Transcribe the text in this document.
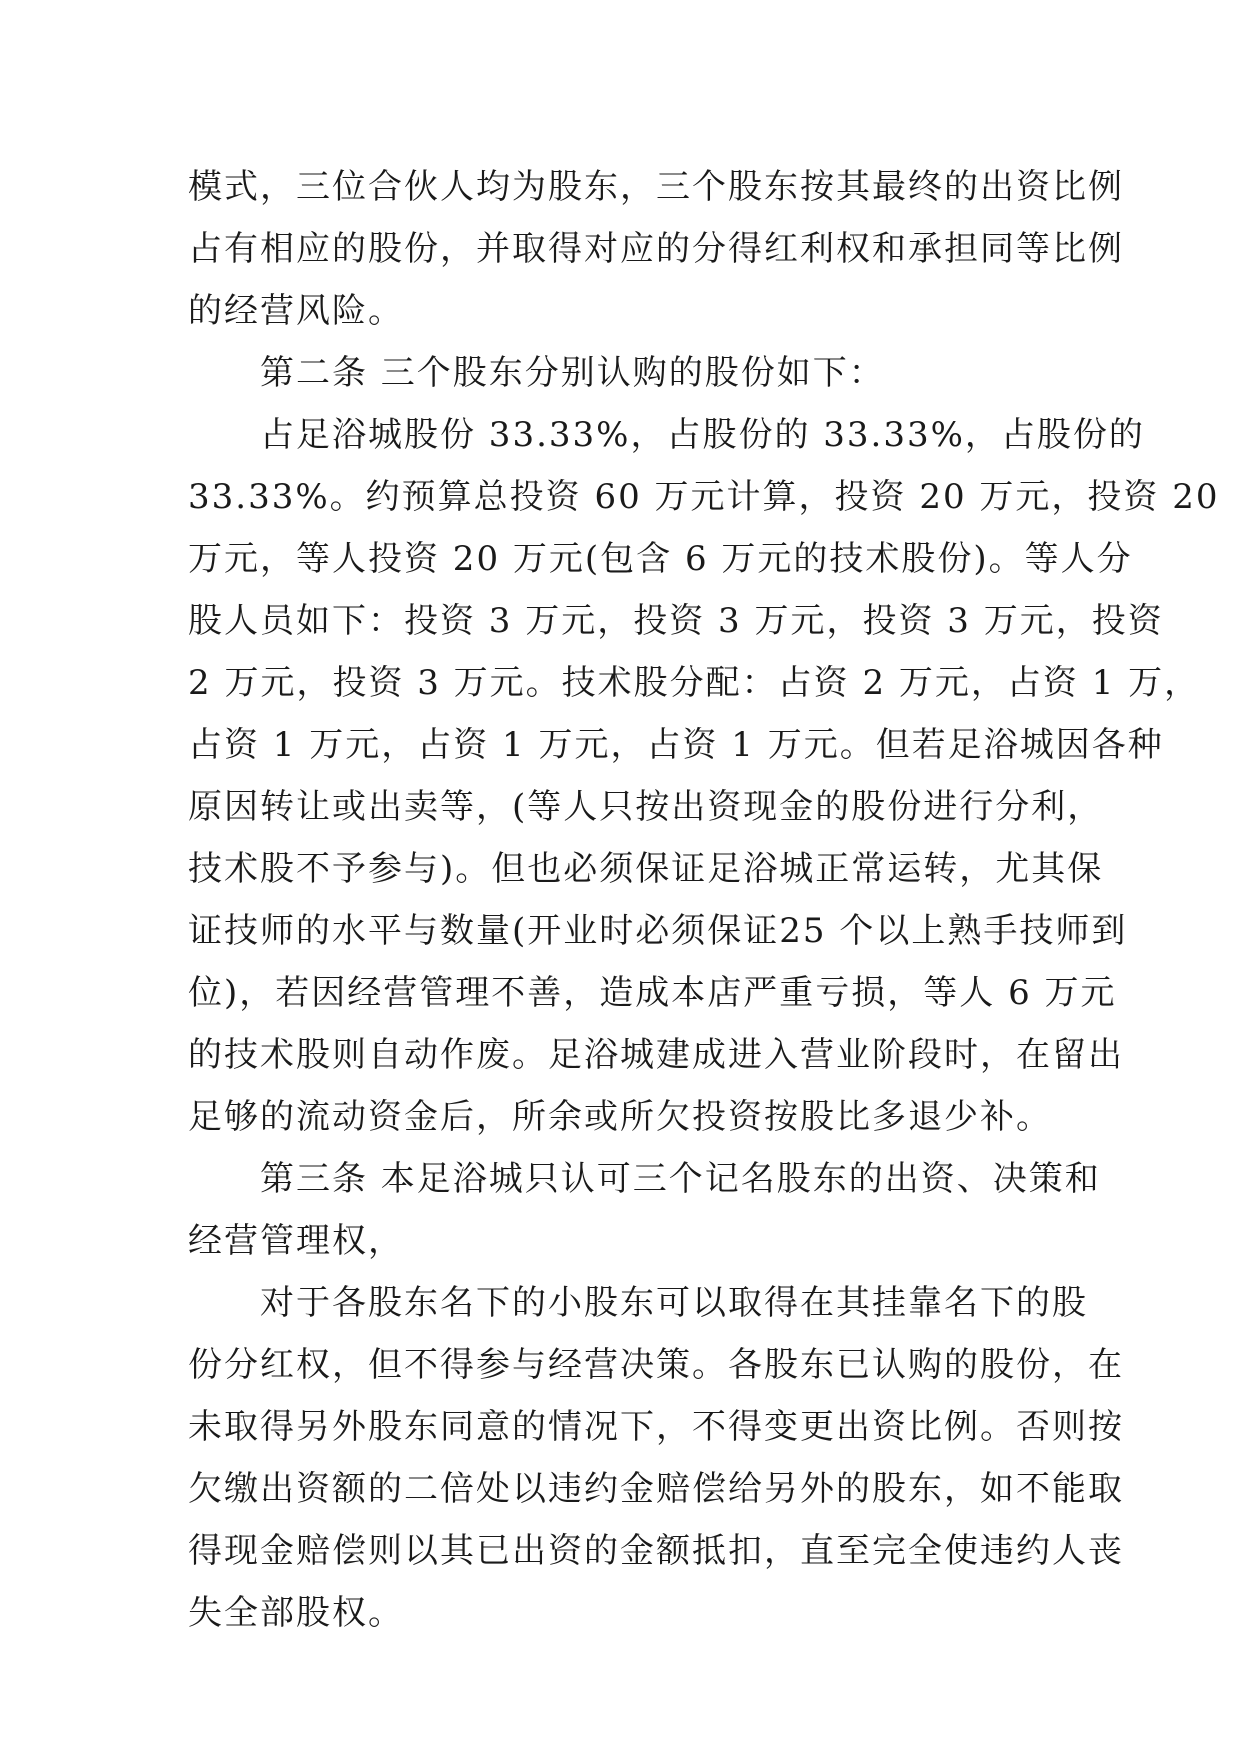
模式，三位合伙人均为股东，三个股东按其最终的出资比例
占有相应的股份，并取得对应的分得红利权和承担同等比例
的经营风险。
　　第二条 三个股东分别认购的股份如下：
　　占足浴城股份 33.33%，占股份的 33.33%，占股份的
33.33%。约预算总投资 60 万元计算，投资 20 万元，投资 20
万元，等人投资 20 万元(包含 6 万元的技术股份)。等人分
股人员如下：投资 3 万元，投资 3 万元，投资 3 万元，投资
2 万元，投资 3 万元。技术股分配：占资 2 万元，占资 1 万，
占资 1 万元，占资 1 万元，占资 1 万元。但若足浴城因各种
原因转让或出卖等，(等人只按出资现金的股份进行分利，
技术股不予参与)。但也必须保证足浴城正常运转，尤其保
证技师的水平与数量(开业时必须保证25 个以上熟手技师到
位)，若因经营管理不善，造成本店严重亏损，等人 6 万元
的技术股则自动作废。足浴城建成进入营业阶段时，在留出
足够的流动资金后，所余或所欠投资按股比多退少补。
　　第三条 本足浴城只认可三个记名股东的出资、决策和
经营管理权，
　　对于各股东名下的小股东可以取得在其挂靠名下的股
份分红权，但不得参与经营决策。各股东已认购的股份，在
未取得另外股东同意的情况下，不得变更出资比例。否则按
欠缴出资额的二倍处以违约金赔偿给另外的股东，如不能取
得现金赔偿则以其已出资的金额抵扣，直至完全使违约人丧
失全部股权。
